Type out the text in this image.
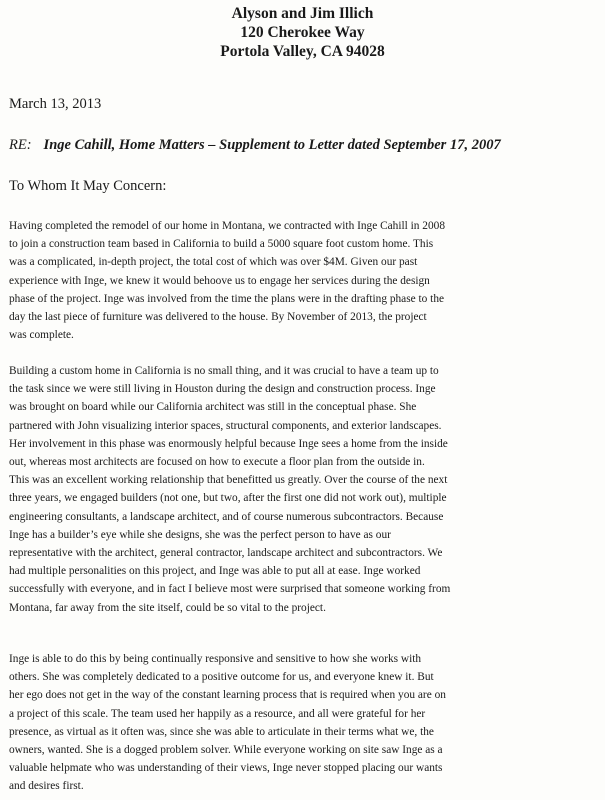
Alyson and Jim Illich
120 Cherokee Way
Portola Valley, CA 94028
March 13, 2013
RE: Inge Cahill, Home Matters – Supplement to Letter dated September 17, 2007
To Whom It May Concern:
Having completed the remodel of our home in Montana, we contracted with Inge Cahill in 2008
to join a construction team based in California to build a 5000 square foot custom home. This
was a complicated, in-depth project, the total cost of which was over $4M. Given our past
experience with Inge, we knew it would behoove us to engage her services during the design
phase of the project. Inge was involved from the time the plans were in the drafting phase to the
day the last piece of furniture was delivered to the house. By November of 2013, the project
was complete.
Building a custom home in California is no small thing, and it was crucial to have a team up to
the task since we were still living in Houston during the design and construction process. Inge
was brought on board while our California architect was still in the conceptual phase. She
partnered with John visualizing interior spaces, structural components, and exterior landscapes.
Her involvement in this phase was enormously helpful because Inge sees a home from the inside
out, whereas most architects are focused on how to execute a floor plan from the outside in.
This was an excellent working relationship that benefitted us greatly. Over the course of the next
three years, we engaged builders (not one, but two, after the first one did not work out), multiple
engineering consultants, a landscape architect, and of course numerous subcontractors. Because
Inge has a builder’s eye while she designs, she was the perfect person to have as our
representative with the architect, general contractor, landscape architect and subcontractors. We
had multiple personalities on this project, and Inge was able to put all at ease. Inge worked
successfully with everyone, and in fact I believe most were surprised that someone working from
Montana, far away from the site itself, could be so vital to the project.
Inge is able to do this by being continually responsive and sensitive to how she works with
others. She was completely dedicated to a positive outcome for us, and everyone knew it. But
her ego does not get in the way of the constant learning process that is required when you are on
a project of this scale. The team used her happily as a resource, and all were grateful for her
presence, as virtual as it often was, since she was able to articulate in their terms what we, the
owners, wanted. She is a dogged problem solver. While everyone working on site saw Inge as a
valuable helpmate who was understanding of their views, Inge never stopped placing our wants
and desires first.
